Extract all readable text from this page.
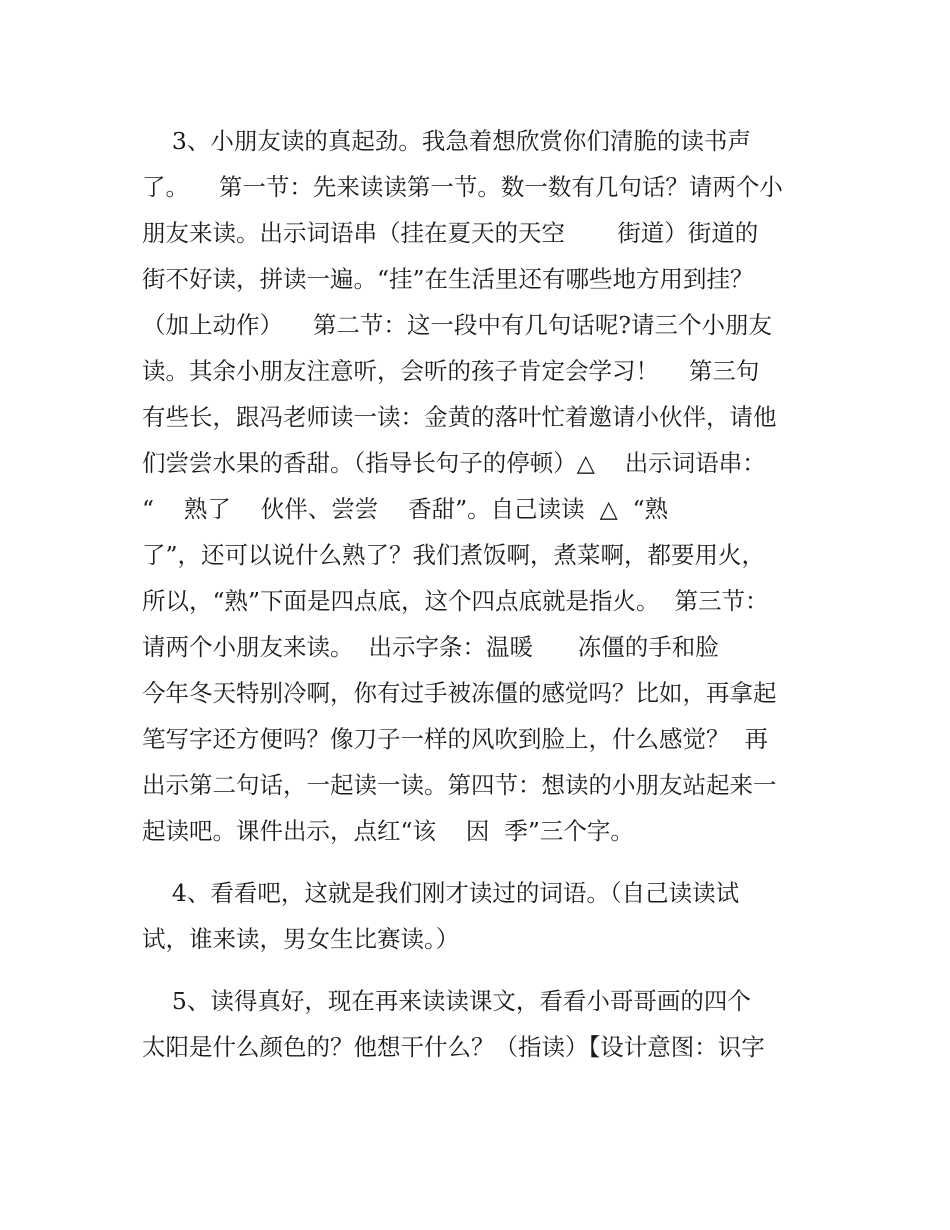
3、小朋友读的真起劲。我急着想欣赏你们清脆的读书声
了。    第一节：先来读读第一节。数一数有几句话？请两个小
朋友来读。出示词语串（挂在夏天的天空       街道）街道的
街不好读，拼读一遍。“挂”在生活里还有哪些地方用到挂？
（加上动作）    第二节：这一段中有几句话呢?请三个小朋友
读。其余小朋友注意听，会听的孩子肯定会学习！    第三句
有些长，跟冯老师读一读：金黄的落叶忙着邀请小伙伴，请他
们尝尝水果的香甜。（指导长句子的停顿）△    出示词语串：
“    熟了    伙伴、尝尝    香甜”。自己读读  △  “熟
了”，还可以说什么熟了？我们煮饭啊，煮菜啊，都要用火，
所以，“熟”下面是四点底，这个四点底就是指火。  第三节：
请两个小朋友来读。  出示字条：温暖      冻僵的手和脸
今年冬天特别冷啊，你有过手被冻僵的感觉吗？比如，再拿起
笔写字还方便吗？像刀子一样的风吹到脸上，什么感觉？  再
出示第二句话，一起读一读。第四节：想读的小朋友站起来一
起读吧。课件出示，点红“该    因  季”三个字。
4、看看吧，这就是我们刚才读过的词语。（自己读读试
试，谁来读，男女生比赛读。）
5、读得真好，现在再来读读课文，看看小哥哥画的四个
太阳是什么颜色的？他想干什么？（指读）【设计意图：识字
